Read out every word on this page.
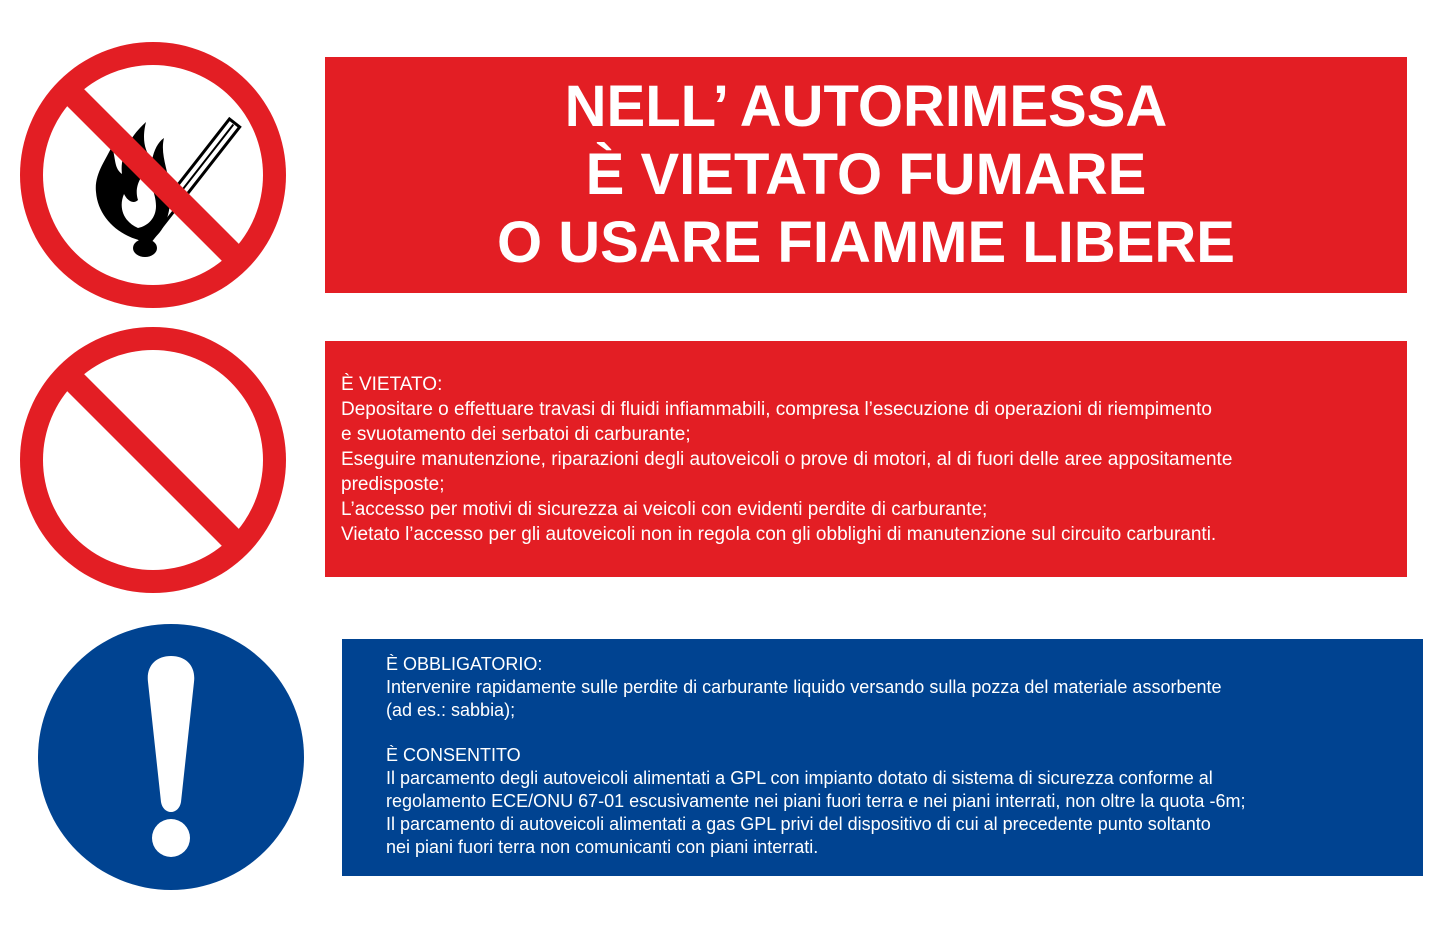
NELL’ AUTORIMESSA
È VIETATO FUMARE
O USARE FIAMME LIBERE
È VIETATO:
Depositare o effettuare travasi di fluidi infiammabili, compresa l’esecuzione di operazioni di riempimento
e svuotamento dei serbatoi di carburante;
Eseguire manutenzione, riparazioni degli autoveicoli o prove di motori, al di fuori delle aree appositamente
predisposte;
L’accesso per motivi di sicurezza ai veicoli con evidenti perdite di carburante;
Vietato l’accesso per gli autoveicoli non in regola con gli obblighi di manutenzione sul circuito carburanti.
È OBBLIGATORIO:
Intervenire rapidamente sulle perdite di carburante liquido versando sulla pozza del materiale assorbente
(ad es.: sabbia);
È CONSENTITO
Il parcamento degli autoveicoli alimentati a GPL con impianto dotato di sistema di sicurezza conforme al
regolamento ECE/ONU 67-01 escusivamente nei piani fuori terra e nei piani interrati, non oltre la quota -6m;
Il parcamento di autoveicoli alimentati a gas GPL privi del dispositivo di cui al precedente punto soltanto
nei piani fuori terra non comunicanti con piani interrati.
